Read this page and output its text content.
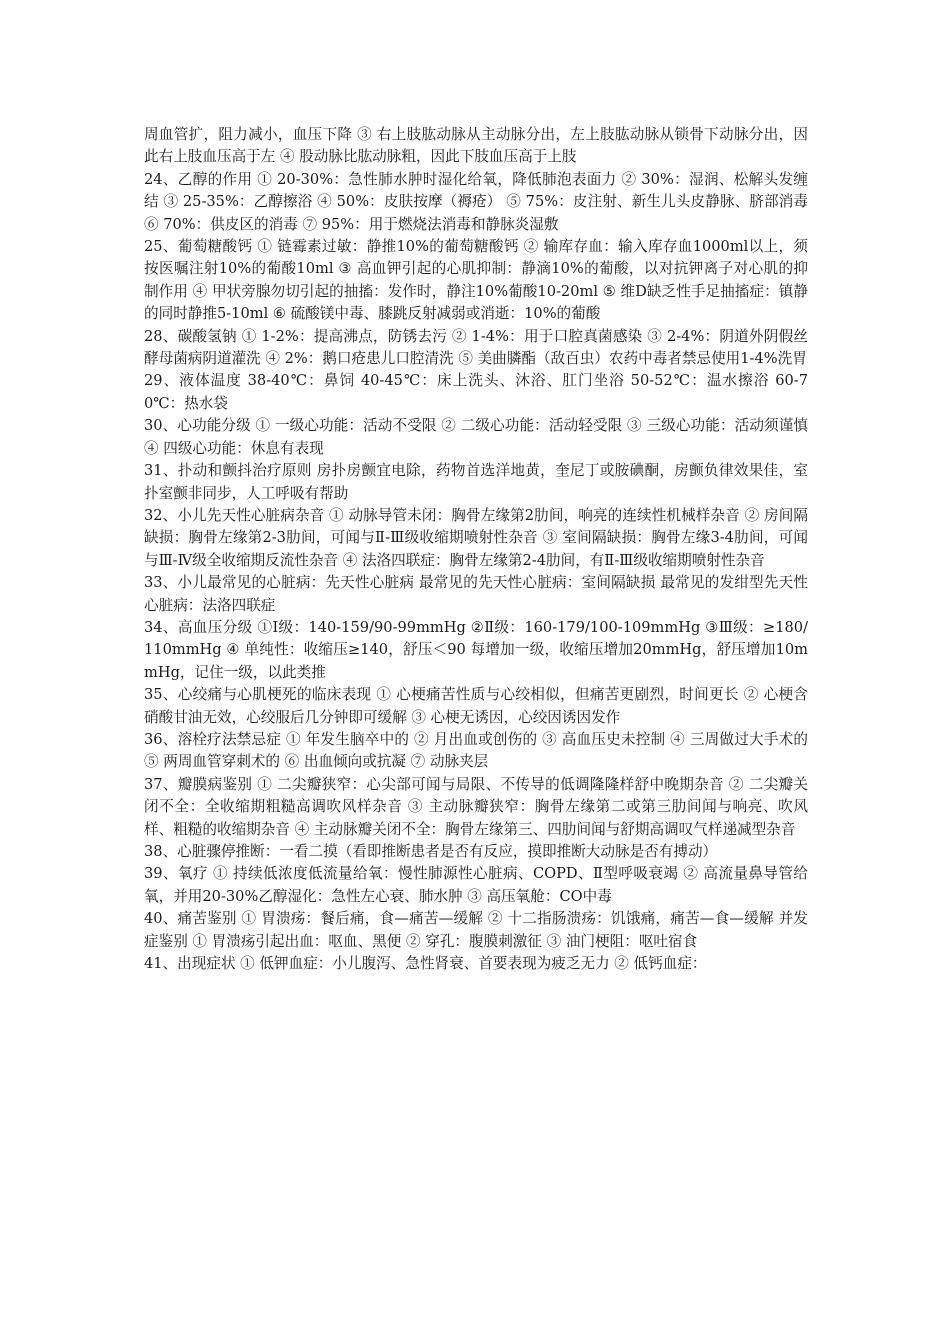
周血管扩，阻力减小，血压下降 ③ 右上肢肱动脉从主动脉分出，左上肢肱动脉从锁骨下动脉分出，因此右上肢血压高于左 ④ 股动脉比肱动脉粗，因此下肢血压高于上肢

24、乙醇的作用 ① 20-30%：急性肺水肿时湿化给氧，降低肺泡表面力 ② 30%：湿润、松解头发缠结 ③ 25-35%：乙醇擦浴 ④ 50%：皮肤按摩（褥疮） ⑤ 75%：皮注射、新生儿头皮静脉、脐部消毒 ⑥ 70%：供皮区的消毒 ⑦ 95%：用于燃烧法消毒和静脉炎湿敷

25、葡萄糖酸钙 ① 链霉素过敏：静推10%的葡萄糖酸钙 ② 输库存血：输入库存血1000ml以上，须按医嘱注射10%的葡酸10ml ③ 高血钾引起的心肌抑制：静滴10%的葡酸，以对抗钾离子对心肌的抑制作用 ④ 甲状旁腺勿切引起的抽搐：发作时，静注10%葡酸10-20ml ⑤ 维D缺乏性手足抽搐症：镇静的同时静推5-10ml ⑥ 硫酸镁中毒、膝跳反射减弱或消逝：10%的葡酸

28、碳酸氢钠 ① 1-2%：提高沸点，防锈去污 ② 1-4%：用于口腔真菌感染 ③ 2-4%：阴道外阴假丝酵母菌病阴道灌洗 ④ 2%：鹅口疮患儿口腔清洗 ⑤ 美曲膦酯（敌百虫）农药中毒者禁忌使用1-4%洗胃

29、液体温度 38-40℃：鼻饲 40-45℃：床上洗头、沐浴、肛门坐浴 50-52℃：温水擦浴 60-70℃：热水袋

30、心功能分级 ① 一级心功能：活动不受限 ② 二级心功能：活动轻受限 ③ 三级心功能：活动须谨慎 ④ 四级心功能：休息有表现

31、扑动和颤抖治疗原则 房扑房颤宜电除，药物首选洋地黄，奎尼丁或胺碘酮，房颤负律效果佳，室扑室颤非同步，人工呼吸有帮助

32、小儿先天性心脏病杂音 ① 动脉导管未闭：胸骨左缘第2肋间，响亮的连续性机械样杂音 ② 房间隔缺损：胸骨左缘第2-3肋间，可闻与Ⅱ-Ⅲ级收缩期喷射性杂音 ③ 室间隔缺损：胸骨左缘3-4肋间，可闻与Ⅲ-Ⅳ级全收缩期反流性杂音 ④ 法洛四联症：胸骨左缘第2-4肋间，有Ⅱ-Ⅲ级收缩期喷射性杂音

33、小儿最常见的心脏病：先天性心脏病 最常见的先天性心脏病：室间隔缺损 最常见的发绀型先天性心脏病：法洛四联症

34、高血压分级 ①Ⅰ级：140-159/90-99mmHg ②Ⅱ级：160-179/100-109mmHg ③Ⅲ级：≥180/110mmHg ④ 单纯性：收缩压≥140，舒压＜90 每增加一级，收缩压增加20mmHg，舒压增加10mmHg，记住一级，以此类推

35、心绞痛与心肌梗死的临床表现 ① 心梗痛苦性质与心绞相似，但痛苦更剧烈，时间更长 ② 心梗含硝酸甘油无效，心绞服后几分钟即可缓解 ③ 心梗无诱因，心绞因诱因发作

36、溶栓疗法禁忌症 ① 年发生脑卒中的 ② 月出血或创伤的 ③ 高血压史未控制 ④ 三周做过大手术的 ⑤ 两周血管穿刺术的 ⑥ 出血倾向或抗凝 ⑦ 动脉夹层

37、瓣膜病鉴别 ① 二尖瓣狭窄：心尖部可闻与局限、不传导的低调隆隆样舒中晚期杂音 ② 二尖瓣关闭不全：全收缩期粗糙高调吹风样杂音 ③ 主动脉瓣狭窄：胸骨左缘第二或第三肋间闻与响亮、吹风样、粗糙的收缩期杂音 ④ 主动脉瓣关闭不全：胸骨左缘第三、四肋间闻与舒期高调叹气样递减型杂音

38、心脏骤停推断：一看二摸（看即推断患者是否有反应，摸即推断大动脉是否有搏动）

39、氧疗 ① 持续低浓度低流量给氧：慢性肺源性心脏病、COPD、Ⅱ型呼吸衰竭 ② 高流量鼻导管给氧，并用20-30%乙醇湿化：急性左心衰、肺水肿 ③ 高压氧舱：CO中毒

40、痛苦鉴别 ① 胃溃疡：餐后痛，食—痛苦—缓解 ② 十二指肠溃疡：饥饿痛，痛苦—食—缓解 并发症鉴别 ① 胃溃疡引起出血：呕血、黑便 ② 穿孔：腹膜刺激征 ③ 油门梗阻：呕吐宿食

41、出现症状 ① 低钾血症：小儿腹泻、急性肾衰、首要表现为疲乏无力 ② 低钙血症：
